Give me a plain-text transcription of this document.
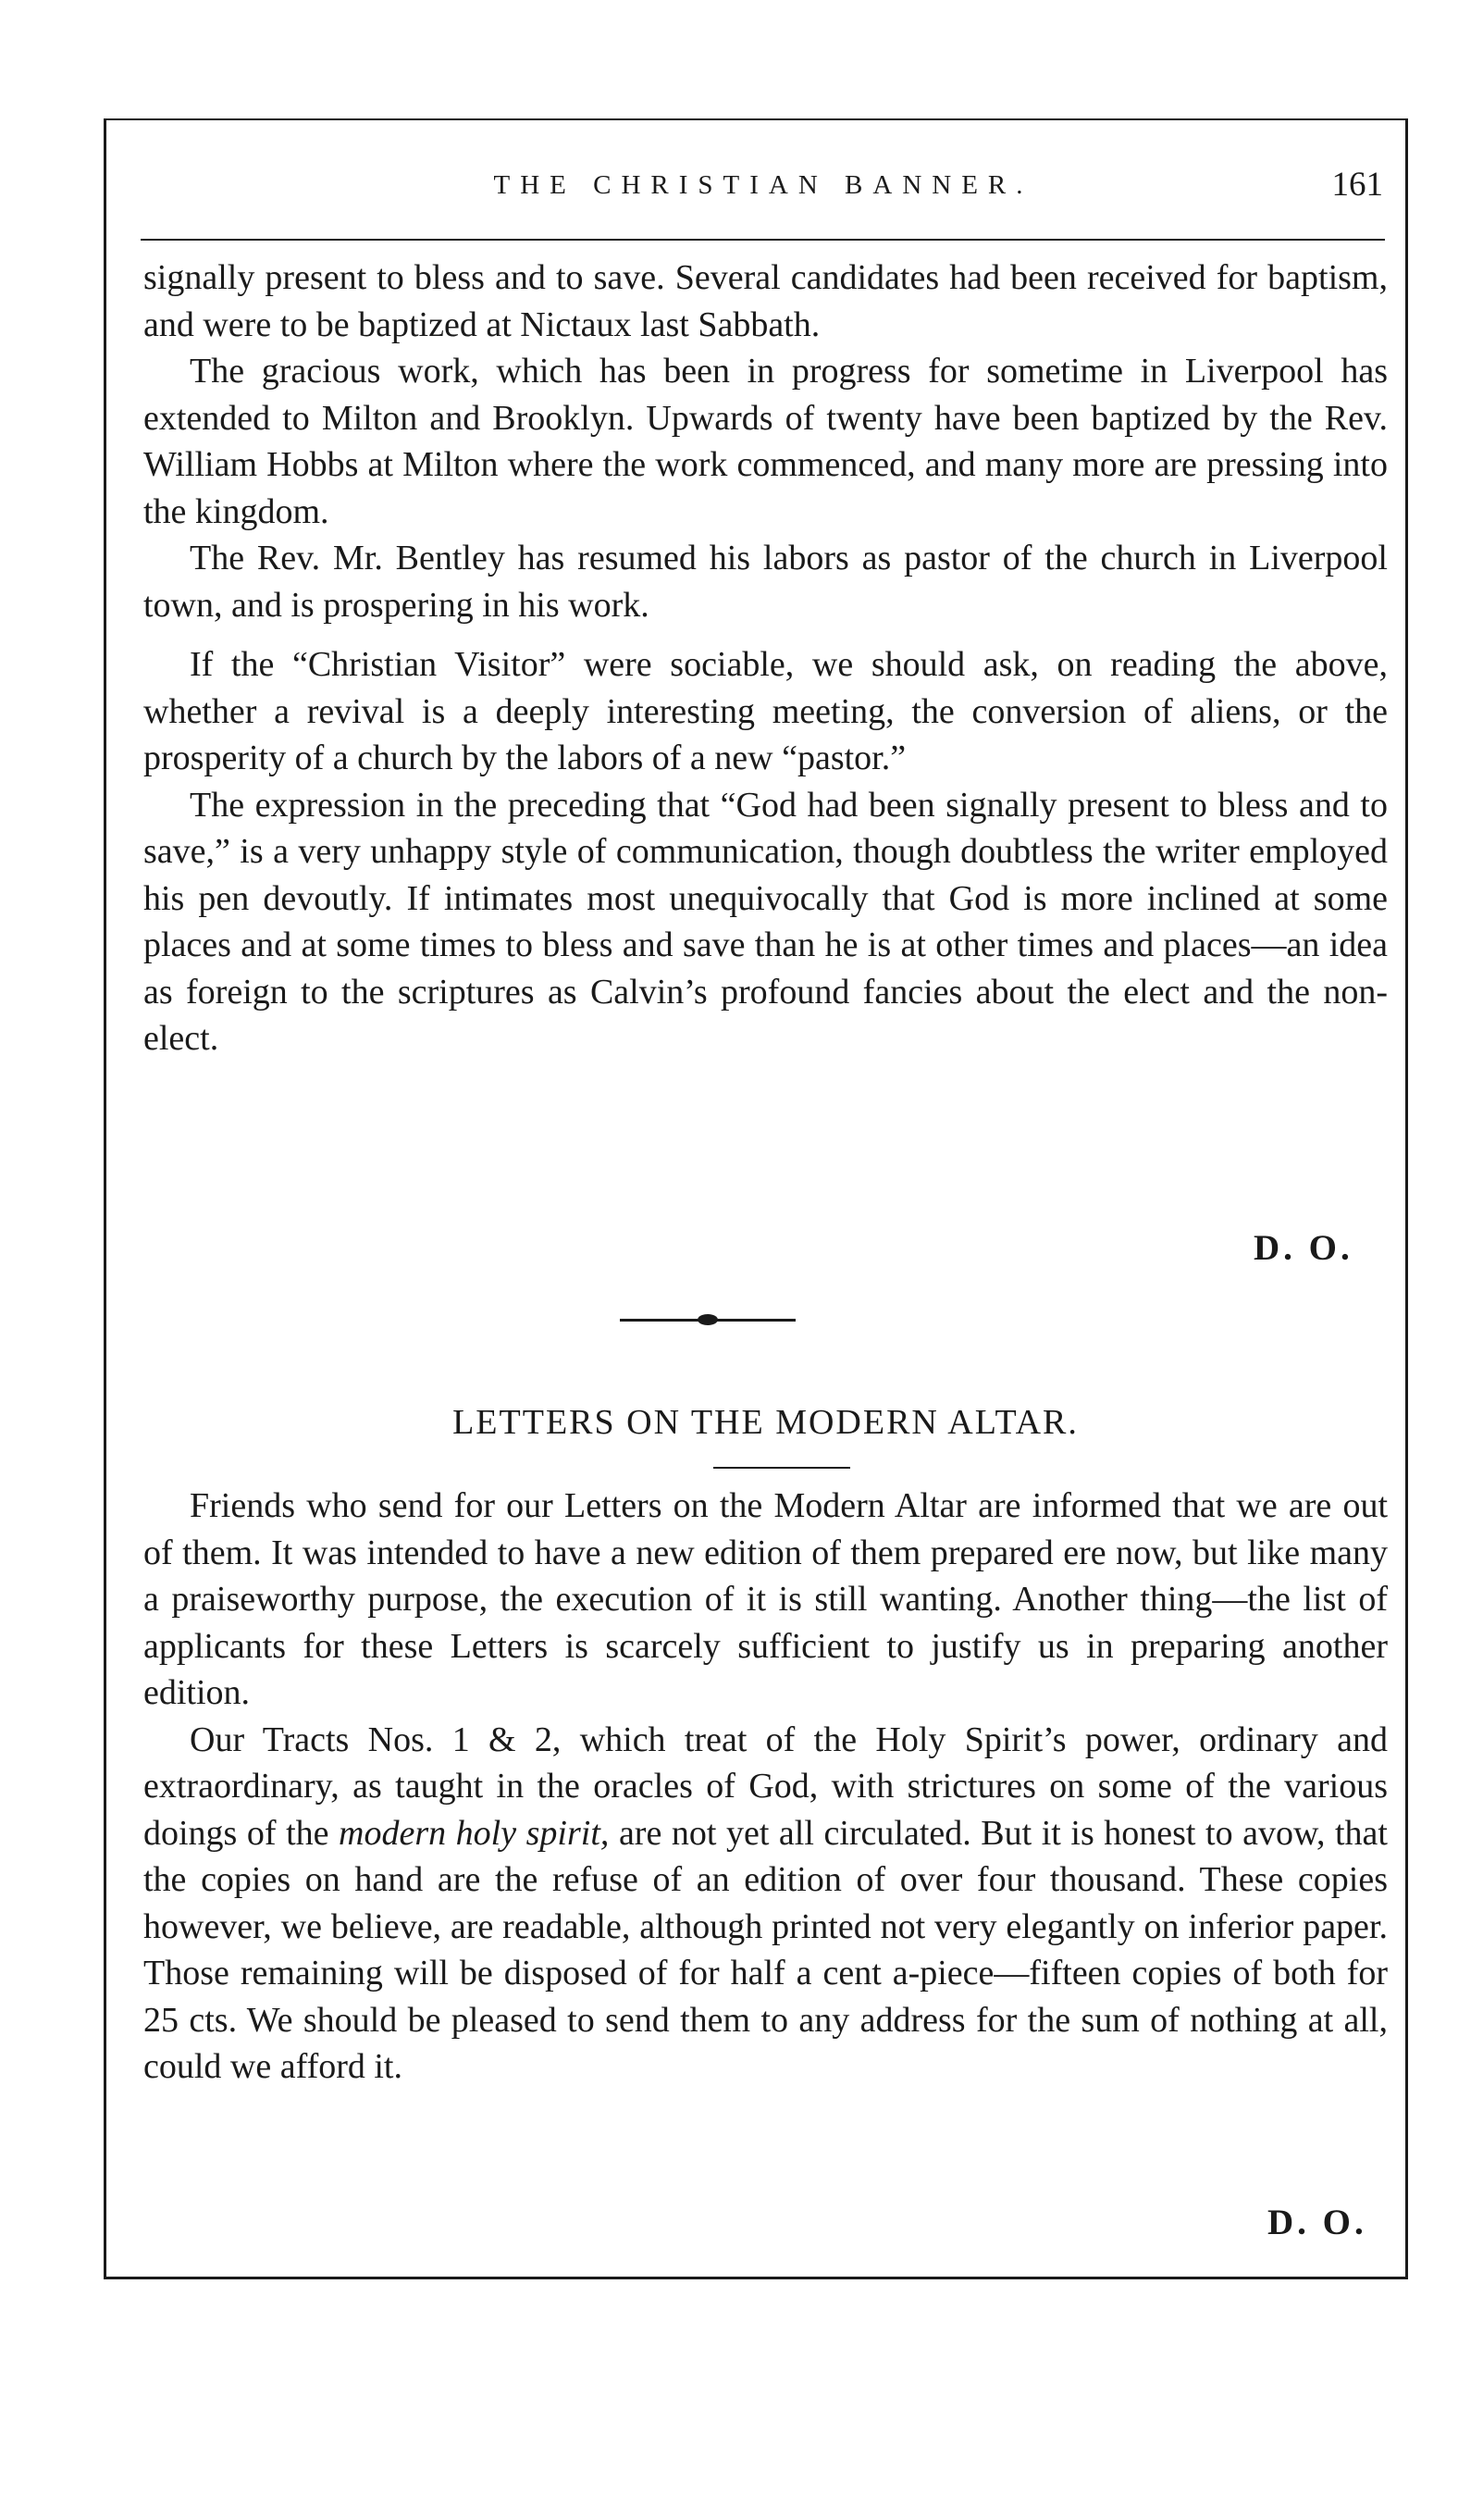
THE CHRISTIAN BANNER.	161

signally present to bless and to save. Several candidates had been received for baptism, and were to be baptized at Nictaux last Sabbath.

The gracious work, which has been in progress for sometime in Liverpool has extended to Milton and Brooklyn. Upwards of twenty have been baptized by the Rev. William Hobbs at Milton where the work commenced, and many more are pressing into the kingdom.

The Rev. Mr. Bentley has resumed his labors as pastor of the church in Liverpool town, and is prospering in his work.

If the “Christian Visitor” were sociable, we should ask, on reading the above, whether a revival is a deeply interesting meeting, the conversion of aliens, or the prosperity of a church by the labors of a new “pastor.”

The expression in the preceding that “God had been signally present to bless and to save,” is a very unhappy style of communication, though doubtless the writer employed his pen devoutly. If intimates most unequivocally that God is more inclined at some places and at some times to bless and save than he is at other times and places—an idea as foreign to the scriptures as Calvin’s profound fancies about the elect and the non-elect.

D. O.
LETTERS ON THE MODERN ALTAR.

Friends who send for our Letters on the Modern Altar are informed that we are out of them. It was intended to have a new edition of them prepared ere now, but like many a praiseworthy purpose, the execution of it is still wanting. Another thing—the list of applicants for these Letters is scarcely sufficient to justify us in preparing another edition.

Our Tracts Nos. 1 & 2, which treat of the Holy Spirit’s power, ordinary and extraordinary, as taught in the oracles of God, with strictures on some of the various doings of the modern holy spirit, are not yet all circulated. But it is honest to avow, that the copies on hand are the refuse of an edition of over four thousand. These copies however, we believe, are readable, although printed not very elegantly on inferior paper. Those remaining will be disposed of for half a cent a-piece—fifteen copies of both for 25 cts. We should be pleased to send them to any address for the sum of nothing at all, could we afford it.

D. O.
